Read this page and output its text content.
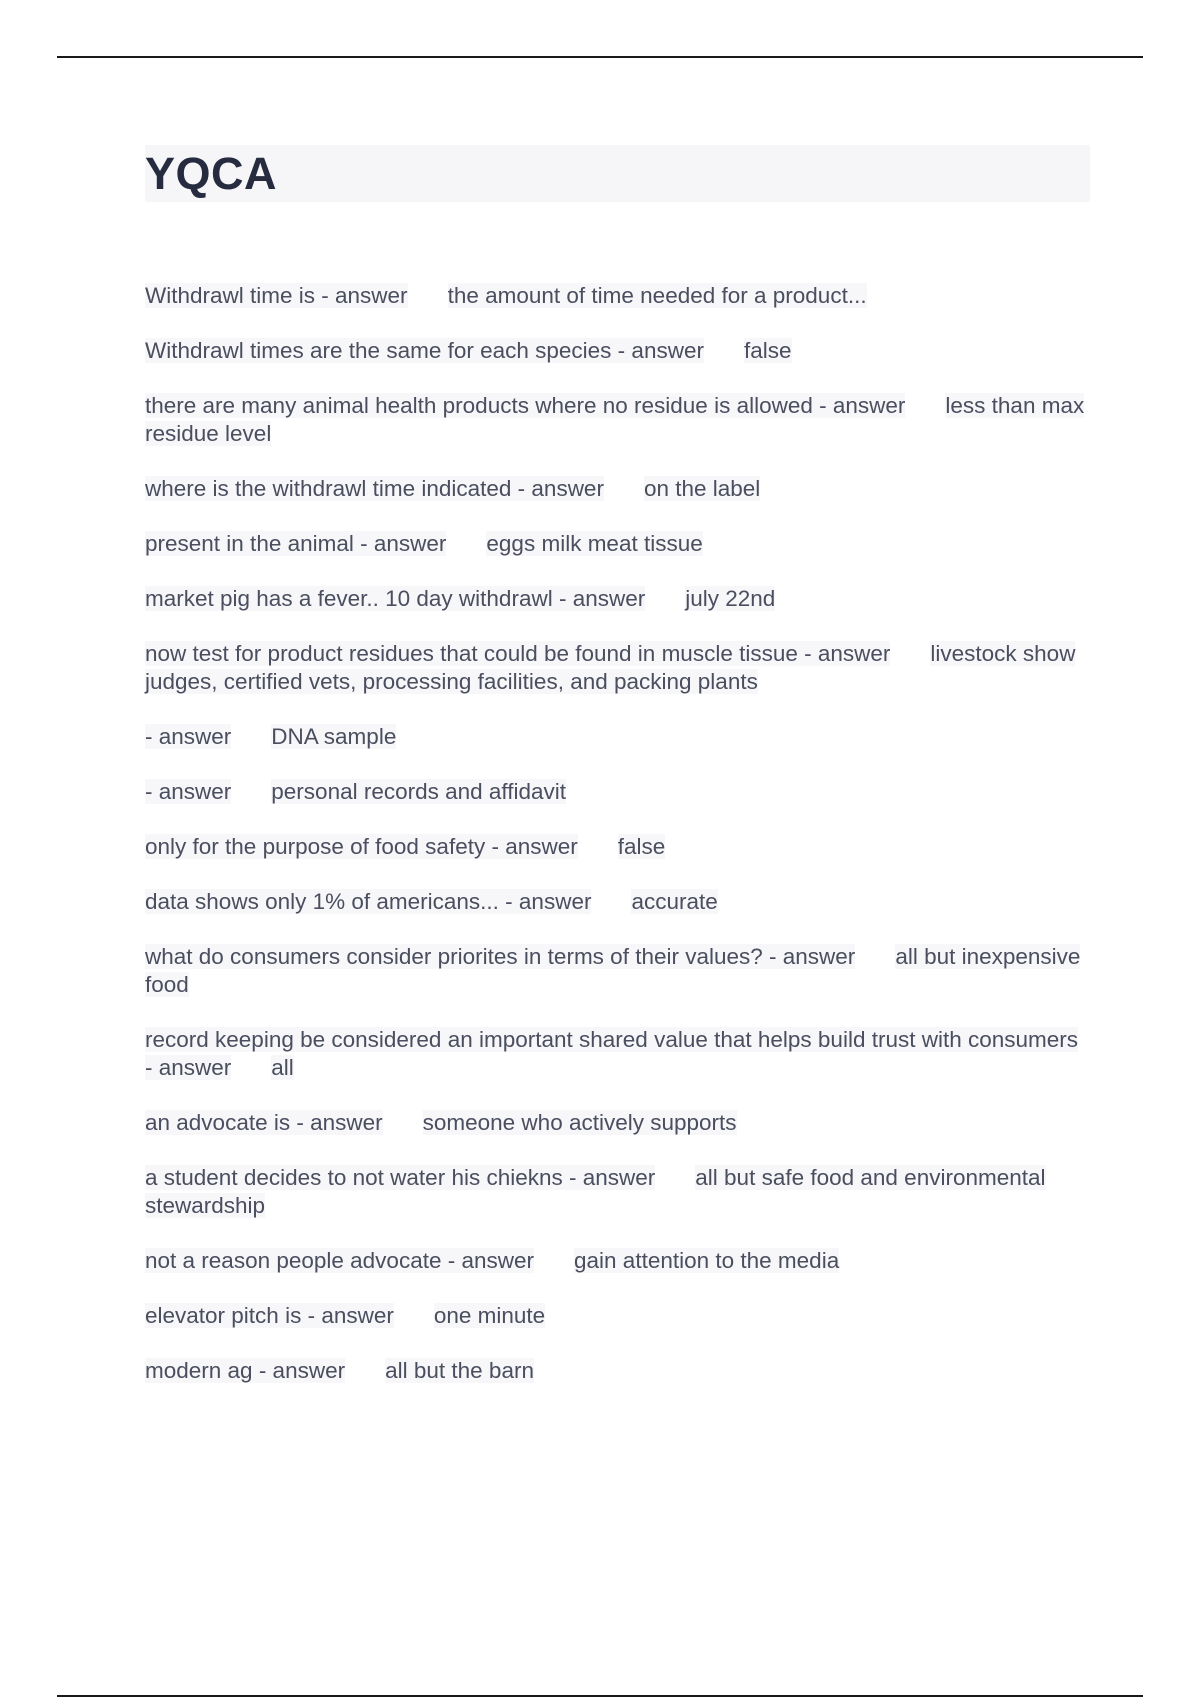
YQCA

Withdrawl time is - answer the amount of time needed for a product...

Withdrawl times are the same for each species - answer false

there are many animal health products where no residue is allowed - answer less than max residue level

where is the withdrawl time indicated - answer on the label

present in the animal - answer eggs milk meat tissue

market pig has a fever.. 10 day withdrawl - answer july 22nd

now test for product residues that could be found in muscle tissue - answer livestock show judges, certified vets, processing facilities, and packing plants

- answer DNA sample

- answer personal records and affidavit

only for the purpose of food safety - answer false

data shows only 1% of americans... - answer accurate

what do consumers consider priorites in terms of their values? - answer all but inexpensive food

record keeping be considered an important shared value that helps build trust with consumers - answer all

an advocate is - answer someone who actively supports

a student decides to not water his chiekns - answer all but safe food and environmental stewardship

not a reason people advocate - answer gain attention to the media

elevator pitch is - answer one minute

modern ag - answer all but the barn
